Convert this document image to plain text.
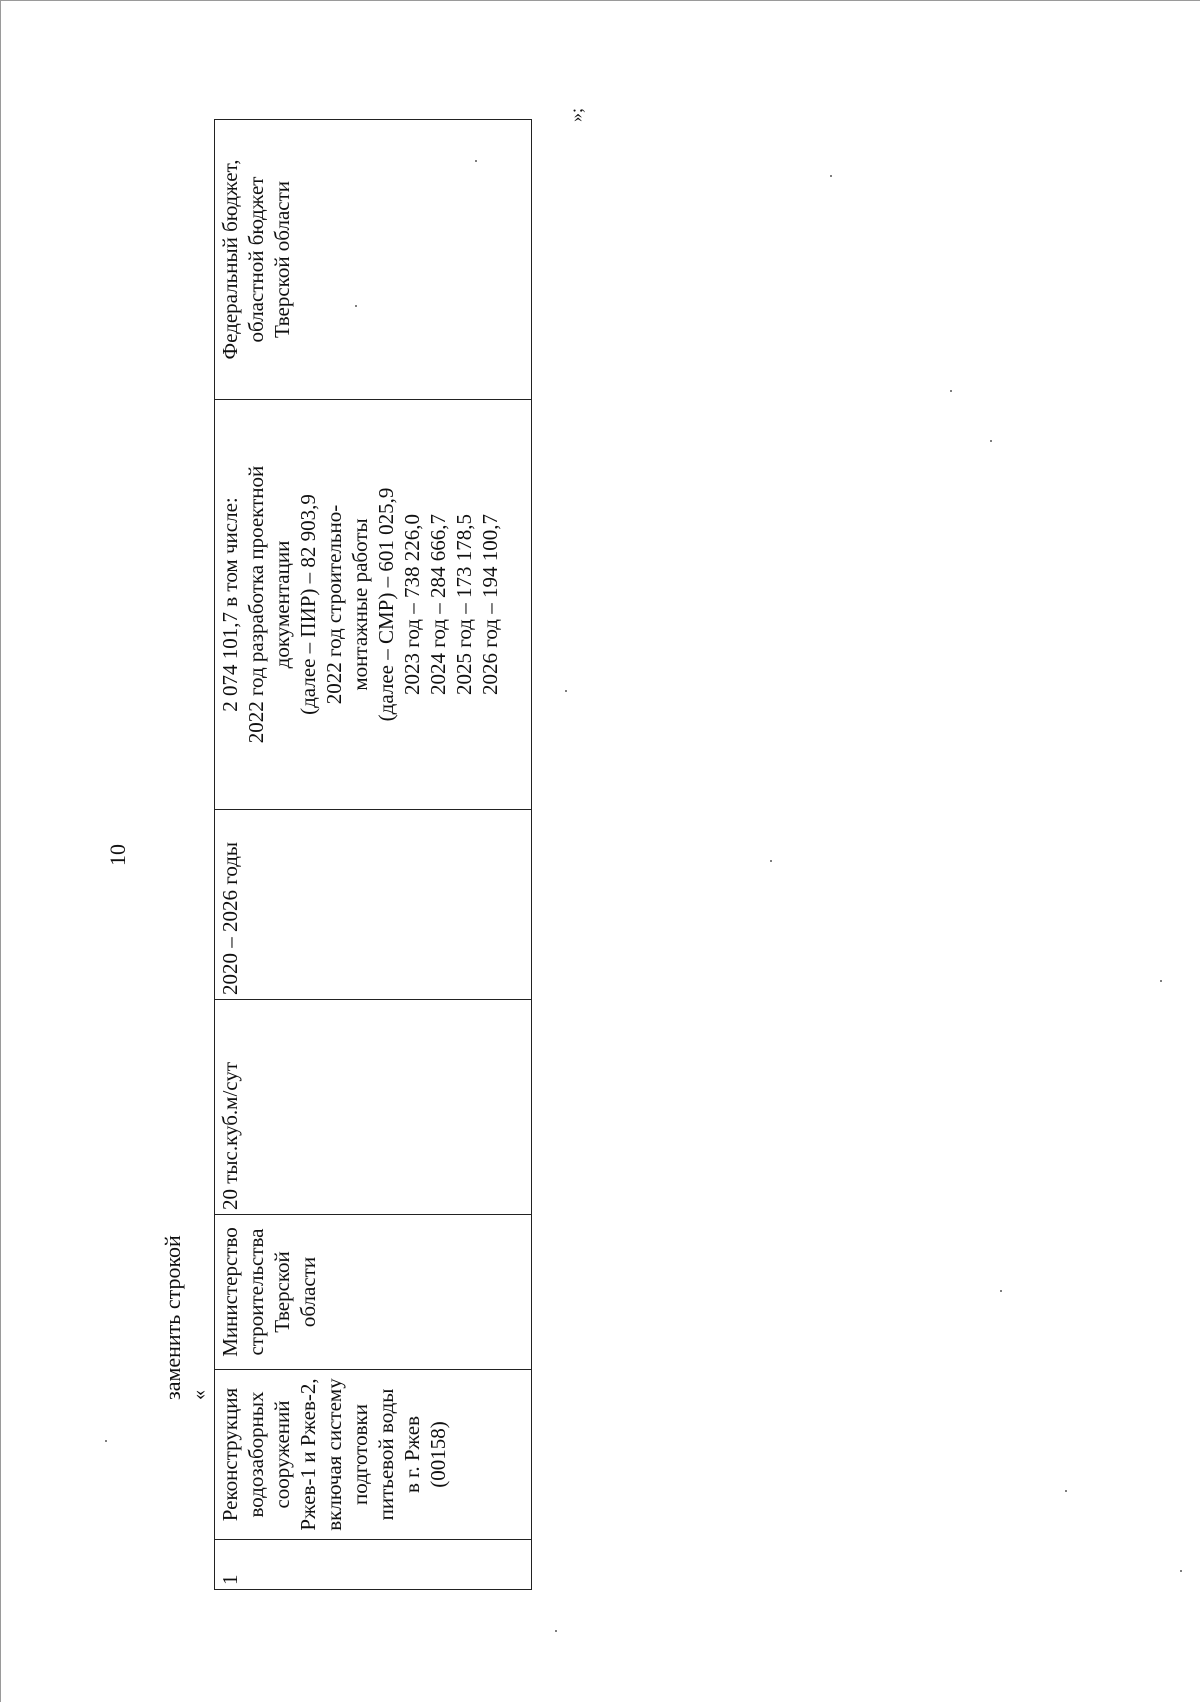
10
заменить строкой «
1	Реконструкция
водозаборных
сооружений
Ржев-1 и Ржев-2,
включая систему
подготовки
питьевой воды
в г. Ржев
(00158)	Министерство
строительства
Тверской области	20 тыс.куб.м/сут	2020 – 2026 годы	2 074 101,7 в том числе:
2022 год разработка проектной
документации
(далее – ПИР) – 82 903,9
2022 год строительно-
монтажные работы
(далее – СМР) – 601 025,9
2023 год – 738 226,0
2024 год – 284 666,7
2025 год – 173 178,5
2026 год – 194 100,7	Федеральный бюджет,
областной бюджет
Тверской области
»;
